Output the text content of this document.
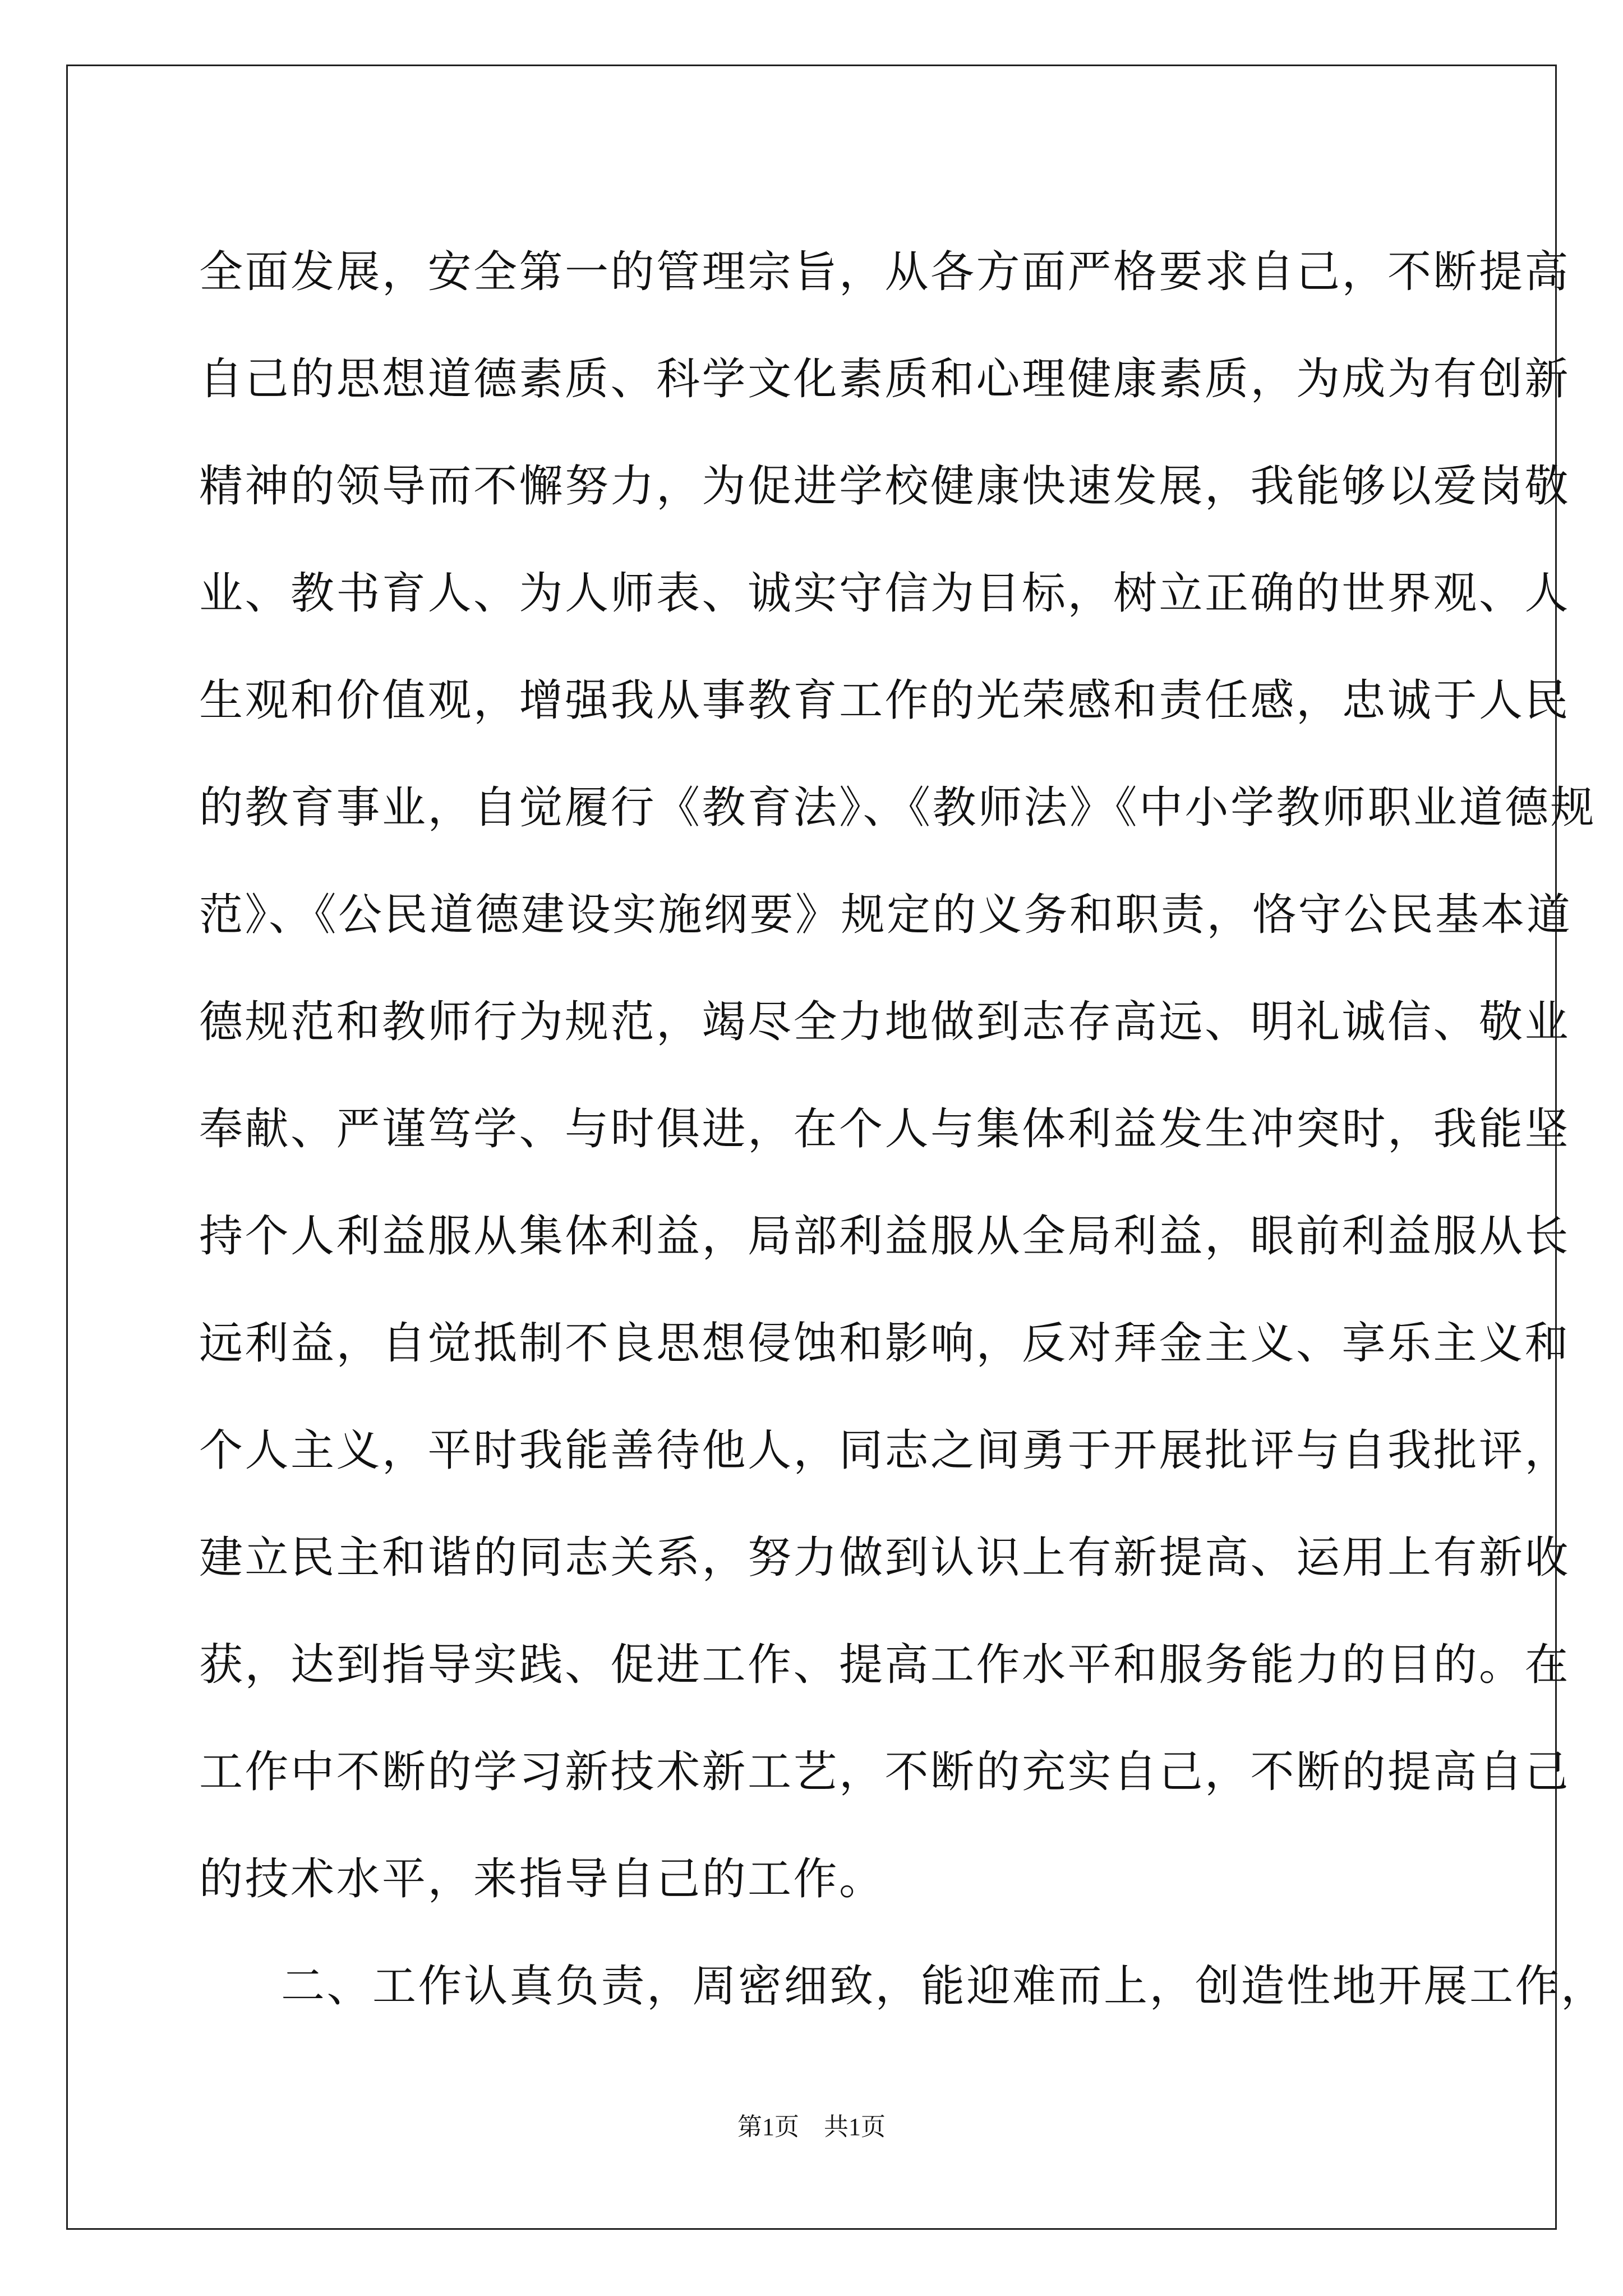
全面发展，安全第一的管理宗旨，从各方面严格要求自己，不断提高
自己的思想道德素质、科学文化素质和心理健康素质，为成为有创新
精神的领导而不懈努力，为促进学校健康快速发展，我能够以爱岗敬
业、教书育人、为人师表、诚实守信为目标，树立正确的世界观、人
生观和价值观，增强我从事教育工作的光荣感和责任感，忠诚于人民
的教育事业，自觉履行《教育法》、《教师法》《中小学教师职业道德规
范》、《公民道德建设实施纲要》规定的义务和职责，恪守公民基本道
德规范和教师行为规范，竭尽全力地做到志存高远、明礼诚信、敬业
奉献、严谨笃学、与时俱进，在个人与集体利益发生冲突时，我能坚
持个人利益服从集体利益，局部利益服从全局利益，眼前利益服从长
远利益，自觉抵制不良思想侵蚀和影响，反对拜金主义、享乐主义和
个人主义，平时我能善待他人，同志之间勇于开展批评与自我批评，
建立民主和谐的同志关系，努力做到认识上有新提高、运用上有新收
获，达到指导实践、促进工作、提高工作水平和服务能力的目的。在
工作中不断的学习新技术新工艺，不断的充实自己，不断的提高自己
的技术水平，来指导自己的工作。
二、工作认真负责，周密细致，能迎难而上，创造性地开展工作，
第1页　共1页
